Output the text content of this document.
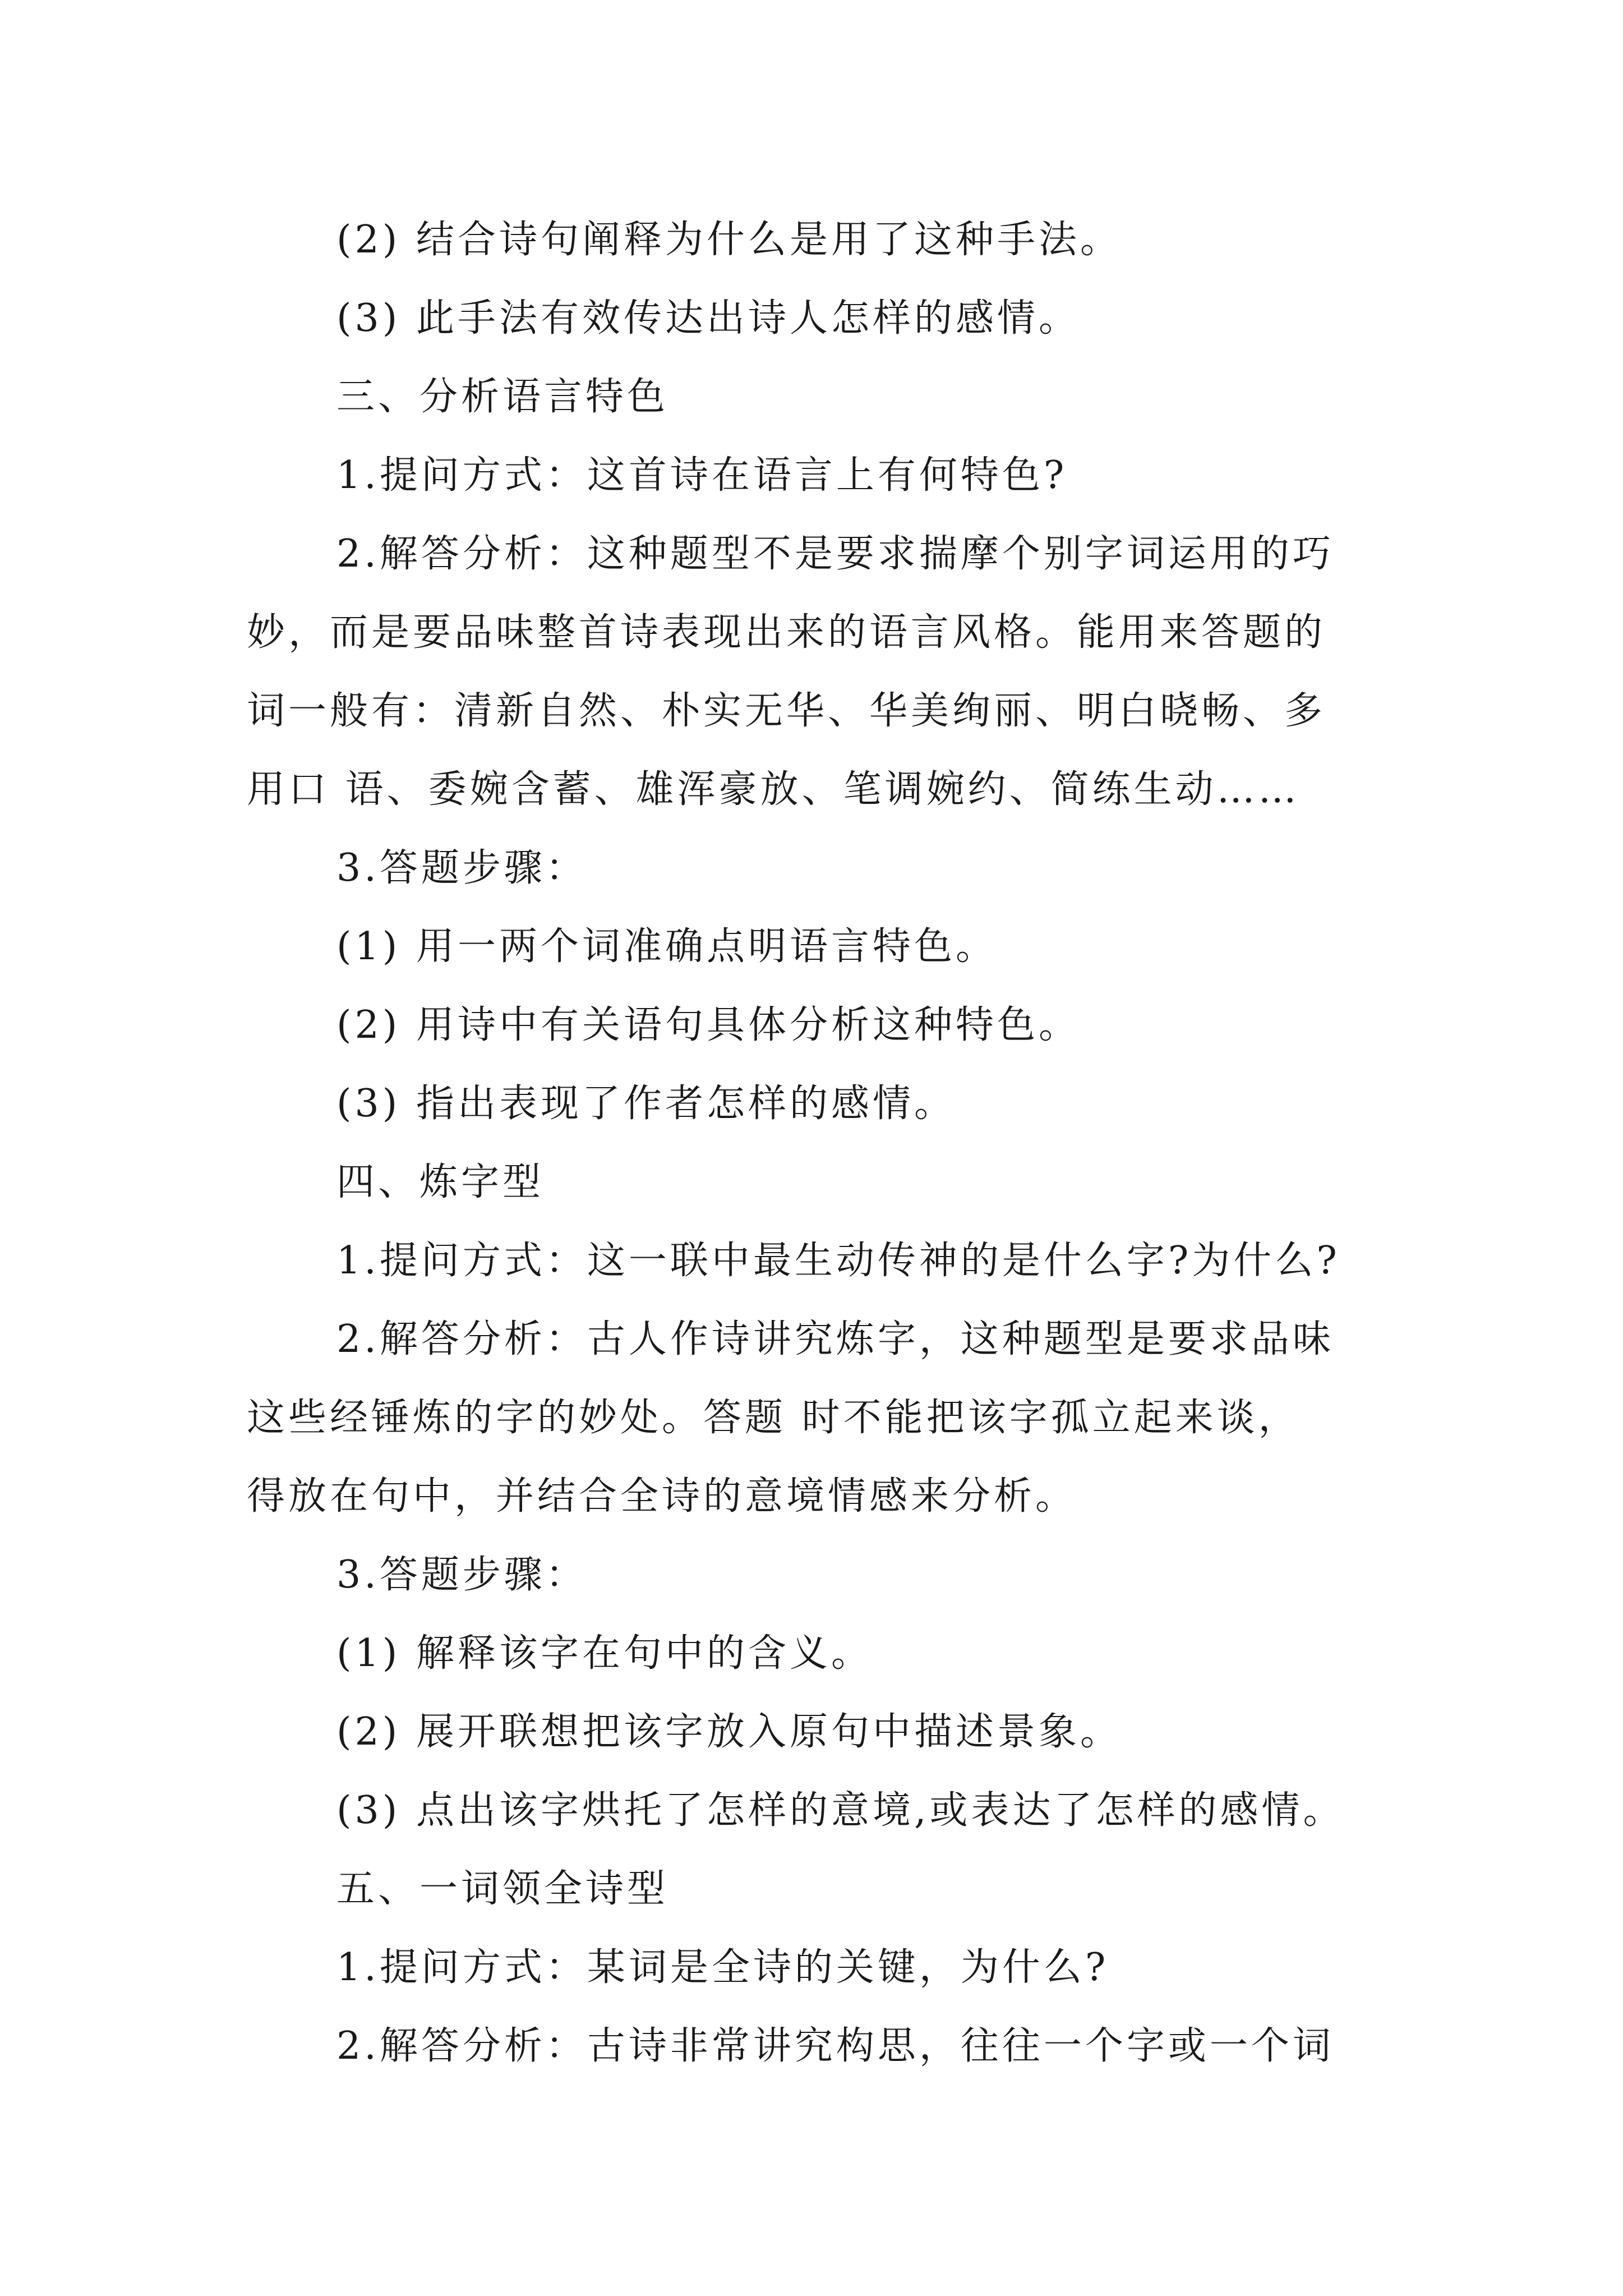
(2) 结合诗句阐释为什么是用了这种手法。
(3) 此手法有效传达出诗人怎样的感情。
三、分析语言特色
1.提问方式：这首诗在语言上有何特色?
2.解答分析：这种题型不是要求揣摩个别字词运用的巧
妙，而是要品味整首诗表现出来的语言风格。能用来答题的
词一般有：清新自然、朴实无华、华美绚丽、明白晓畅、多
用口 语、委婉含蓄、雄浑豪放、笔调婉约、简练生动……
3.答题步骤：
(1) 用一两个词准确点明语言特色。
(2) 用诗中有关语句具体分析这种特色。
(3) 指出表现了作者怎样的感情。
四、炼字型
1.提问方式：这一联中最生动传神的是什么字?为什么?
2.解答分析：古人作诗讲究炼字，这种题型是要求品味
这些经锤炼的字的妙处。答题 时不能把该字孤立起来谈，
得放在句中，并结合全诗的意境情感来分析。
3.答题步骤：
(1) 解释该字在句中的含义。
(2) 展开联想把该字放入原句中描述景象。
(3) 点出该字烘托了怎样的意境,或表达了怎样的感情。
五、一词领全诗型
1.提问方式：某词是全诗的关键，为什么?
2.解答分析：古诗非常讲究构思，往往一个字或一个词
